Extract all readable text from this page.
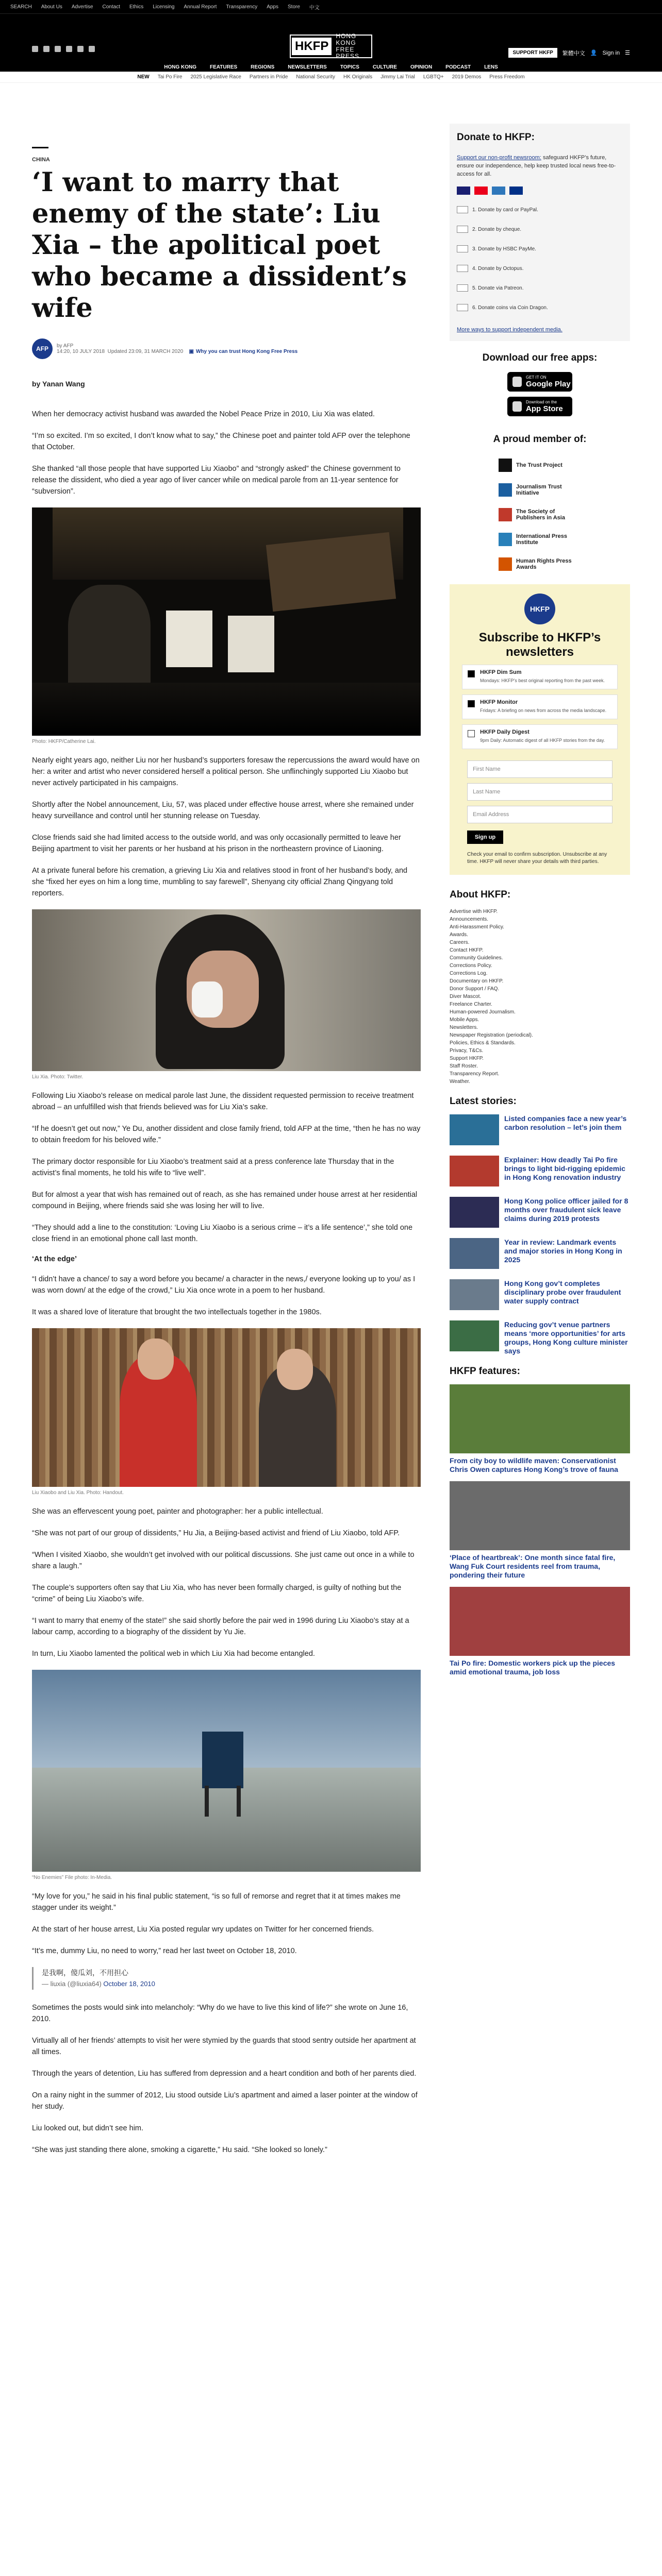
SEARCH About Us Advertise Contact Ethics Licensing Annual Report Transparency Apps Store 中文
HKFP
HONG KONG
FREE PRESS	SUPPORT HKFP	繁體中文 👤 Sign in ☰
HONG KONG	FEATURES	REGIONS	NEWSLETTERS	TOPICS	CULTURE	OPINION	PODCAST	LENS
NEW Tai Po Fire 2025 Legislative Race Partners in Pride National Security HK Originals Jimmy Lai Trial LGBTQ+ 2019 Demos Press Freedom
CHINA
‘I want to marry that enemy of the state’: Liu Xia – the apolitical poet who became a dissident’s wife
AFP	by AFP
14:20, 10 JULY 2018 Updated 23:09, 31 MARCH 2020 ▣ Why you can trust Hong Kong Free Press
by Yanan Wang

When her democracy activist husband was awarded the Nobel Peace Prize in 2010, Liu Xia was elated.

“I’m so excited. I’m so excited, I don’t know what to say,” the Chinese poet and painter told AFP over the telephone that October.

She thanked “all those people that have supported Liu Xiaobo” and “strongly asked” the Chinese government to release the dissident, who died a year ago of liver cancer while on medical parole from an 11-year sentence for “subversion”.

Photo: HKFP/Catherine Lai.

Nearly eight years ago, neither Liu nor her husband’s supporters foresaw the repercussions the award would have on her: a writer and artist who never considered herself a political person. She unflinchingly supported Liu Xiaobo but never actively participated in his campaigns.

Shortly after the Nobel announcement, Liu, 57, was placed under effective house arrest, where she remained under heavy surveillance and control until her stunning release on Tuesday.

Close friends said she had limited access to the outside world, and was only occasionally permitted to leave her Beijing apartment to visit her parents or her husband at his prison in the northeastern province of Liaoning.

At a private funeral before his cremation, a grieving Liu Xia and relatives stood in front of her husband’s body, and she “fixed her eyes on him a long time, mumbling to say farewell”, Shenyang city official Zhang Qingyang told reporters.

Liu Xia. Photo: Twitter.

Following Liu Xiaobo’s release on medical parole last June, the dissident requested permission to receive treatment abroad – an unfulfilled wish that friends believed was for Liu Xia’s sake.

“If he doesn’t get out now,” Ye Du, another dissident and close family friend, told AFP at the time, “then he has no way to obtain freedom for his beloved wife.”

The primary doctor responsible for Liu Xiaobo’s treatment said at a press conference late Thursday that in the activist’s final moments, he told his wife to “live well”.

But for almost a year that wish has remained out of reach, as she has remained under house arrest at her residential compound in Beijing, where friends said she was losing her will to live.

“They should add a line to the constitution: ‘Loving Liu Xiaobo is a serious crime – it’s a life sentence’,” she told one close friend in an emotional phone call last month.

‘At the edge’

“I didn’t have a chance/ to say a word before you became/ a character in the news,/ everyone looking up to you/ as I was worn down/ at the edge of the crowd,” Liu Xia once wrote in a poem to her husband.

It was a shared love of literature that brought the two intellectuals together in the 1980s.

Liu Xiaobo and Liu Xia. Photo: Handout.

She was an effervescent young poet, painter and photographer: her a public intellectual.

“She was not part of our group of dissidents,” Hu Jia, a Beijing-based activist and friend of Liu Xiaobo, told AFP.

“When I visited Xiaobo, she wouldn’t get involved with our political discussions. She just came out once in a while to share a laugh.”

The couple’s supporters often say that Liu Xia, who has never been formally charged, is guilty of nothing but the “crime” of being Liu Xiaobo’s wife.

“I want to marry that enemy of the state!” she said shortly before the pair wed in 1996 during Liu Xiaobo’s stay at a labour camp, according to a biography of the dissident by Yu Jie.

In turn, Liu Xiaobo lamented the political web in which Liu Xia had become entangled.

“No Enemies” File photo: In-Media.

“My love for you,” he said in his final public statement, “is so full of remorse and regret that it at times makes me stagger under its weight.”

At the start of her house arrest, Liu Xia posted regular wry updates on Twitter for her concerned friends.

“It’s me, dummy Liu, no need to worry,” read her last tweet on October 18, 2010.

是我啊，傻瓜刘，不用担心
— liuxia (@liuxia64) October 18, 2010

Sometimes the posts would sink into melancholy: “Why do we have to live this kind of life?” she wrote on June 16, 2010.

Virtually all of her friends’ attempts to visit her were stymied by the guards that stood sentry outside her apartment at all times.

Through the years of detention, Liu has suffered from depression and a heart condition and both of her parents died.

On a rainy night in the summer of 2012, Liu stood outside Liu’s apartment and aimed a laser pointer at the window of her study.

Liu looked out, but didn’t see him.

“She was just standing there alone, smoking a cigarette,” Hu said. “She looked so lonely.”

Donate to HKFP:
Support our non-profit newsroom: safeguard HKFP’s future, ensure our independence, help keep trusted local news free-to-access for all.
1. Donate by card or PayPal.
2. Donate by cheque.
3. Donate by HSBC PayMe.
4. Donate by Octopus.
5. Donate via Patreon.
6. Donate coins via Coin Dragon.
More ways to support independent media.
Download our free apps:
GET IT ON
Google Play
Download on the
App Store
A proud member of:
The Trust Project
Journalism Trust Initiative
The Society of Publishers in Asia
International Press Institute
Human Rights Press Awards
HKFP
Subscribe to HKFP’s newsletters
HKFP Dim Sum
Mondays: HKFP’s best original reporting from the past week.
HKFP Monitor
Fridays: A briefing on news from across the media landscape.
HKFP Daily Digest
9pm Daily: Automatic digest of all HKFP stories from the day.
First Name
Last Name
Email Address
Sign up
Check your email to confirm subscription. Unsubscribe at any time. HKFP will never share your details with third parties.
About HKFP:
Advertise with HKFP.
Announcements.
Anti-Harassment Policy.
Awards.
Careers.
Contact HKFP.
Community Guidelines.
Corrections Policy.
Corrections Log.
Documentary on HKFP.
Donor Support / FAQ.
Diver Mascot.
Freelance Charter.
Human-powered Journalism.
Mobile Apps.
Newsletters.
Newspaper Registration (periodical).
Policies, Ethics & Standards.
Privacy, T&Cs.
Support HKFP.
Staff Roster.
Transparency Report.
Weather.
Latest stories:
Listed companies face a new year’s carbon resolution – let’s join them
Explainer: How deadly Tai Po fire brings to light bid-rigging epidemic in Hong Kong renovation industry
Hong Kong police officer jailed for 8 months over fraudulent sick leave claims during 2019 protests
Year in review: Landmark events and major stories in Hong Kong in 2025
Hong Kong gov’t completes disciplinary probe over fraudulent water supply contract
Reducing gov’t venue partners means ‘more opportunities’ for arts groups, Hong Kong culture minister says
HKFP features:
From city boy to wildlife maven: Conservationist Chris Owen captures Hong Kong’s trove of fauna
‘Place of heartbreak’: One month since fatal fire, Wang Fuk Court residents reel from trauma, pondering their future
Tai Po fire: Domestic workers pick up the pieces amid emotional trauma, job loss
